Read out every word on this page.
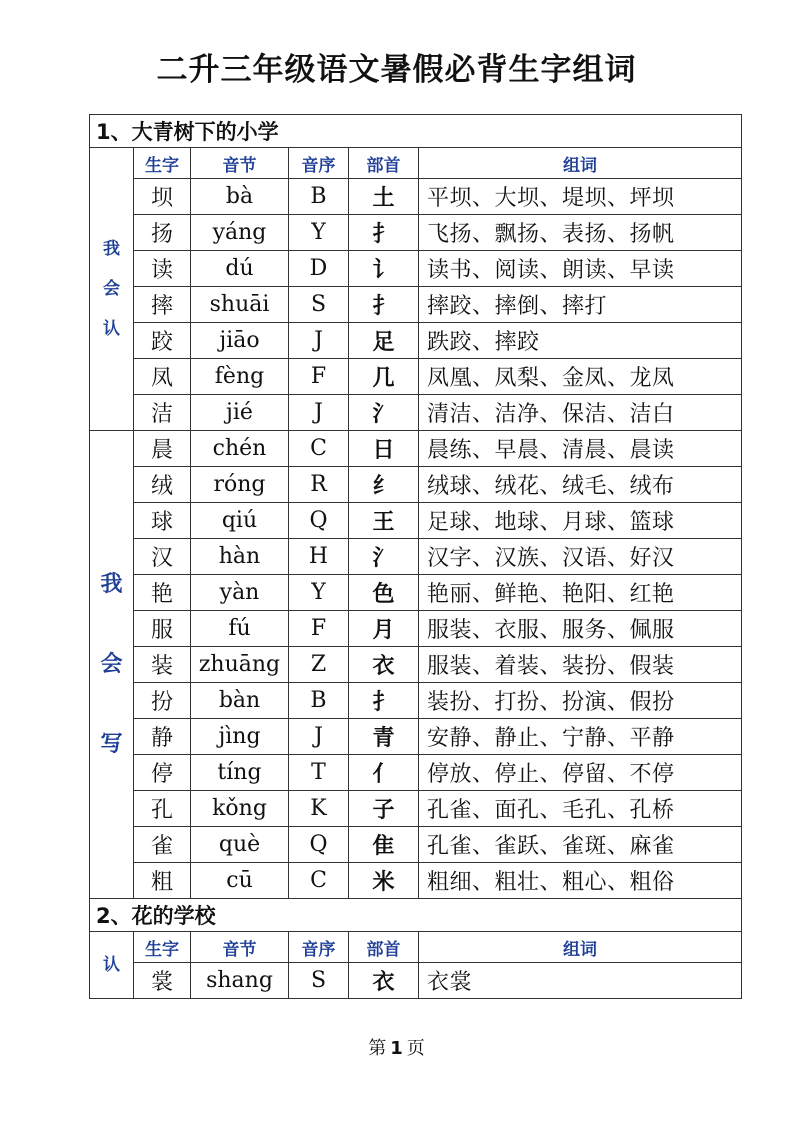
二升三年级语文暑假必背生字组词
1、大青树下的小学					

我
会
认	生字	音节	音序	部首	组词
	坝	bà	B	土	平坝、大坝、堤坝、坪坝
	扬	yáng	Y	扌	飞扬、飘扬、表扬、扬帆
	读	dú	D	讠	读书、阅读、朗读、早读
	摔	shuāi	S	扌	摔跤、摔倒、摔打
	跤	jiāo	J	足	跌跤、摔跤
	凤	fèng	F	几	凤凰、凤梨、金凤、龙凤
	洁	jié	J	氵	清洁、洁净、保洁、洁白

我

会

写	晨	chén	C	日	晨练、早晨、清晨、晨读
	绒	róng	R	纟	绒球、绒花、绒毛、绒布
	球	qiú	Q	王	足球、地球、月球、篮球
	汉	hàn	H	氵	汉字、汉族、汉语、好汉
	艳	yàn	Y	色	艳丽、鲜艳、艳阳、红艳
	服	fú	F	月	服装、衣服、服务、佩服
	装	zhuāng	Z	衣	服装、着装、装扮、假装
	扮	bàn	B	扌	装扮、打扮、扮演、假扮
	静	jìng	J	青	安静、静止、宁静、平静
	停	tíng	T	亻	停放、停止、停留、不停
	孔	kǒng	K	子	孔雀、面孔、毛孔、孔桥
	雀	què	Q	隹	孔雀、雀跃、雀斑、麻雀
	粗	cū	C	米	粗细、粗壮、粗心、粗俗
2、花的学校					

认	生字	音节	音序	部首	组词
	裳	shang	S	衣	衣裳
第 1 页
